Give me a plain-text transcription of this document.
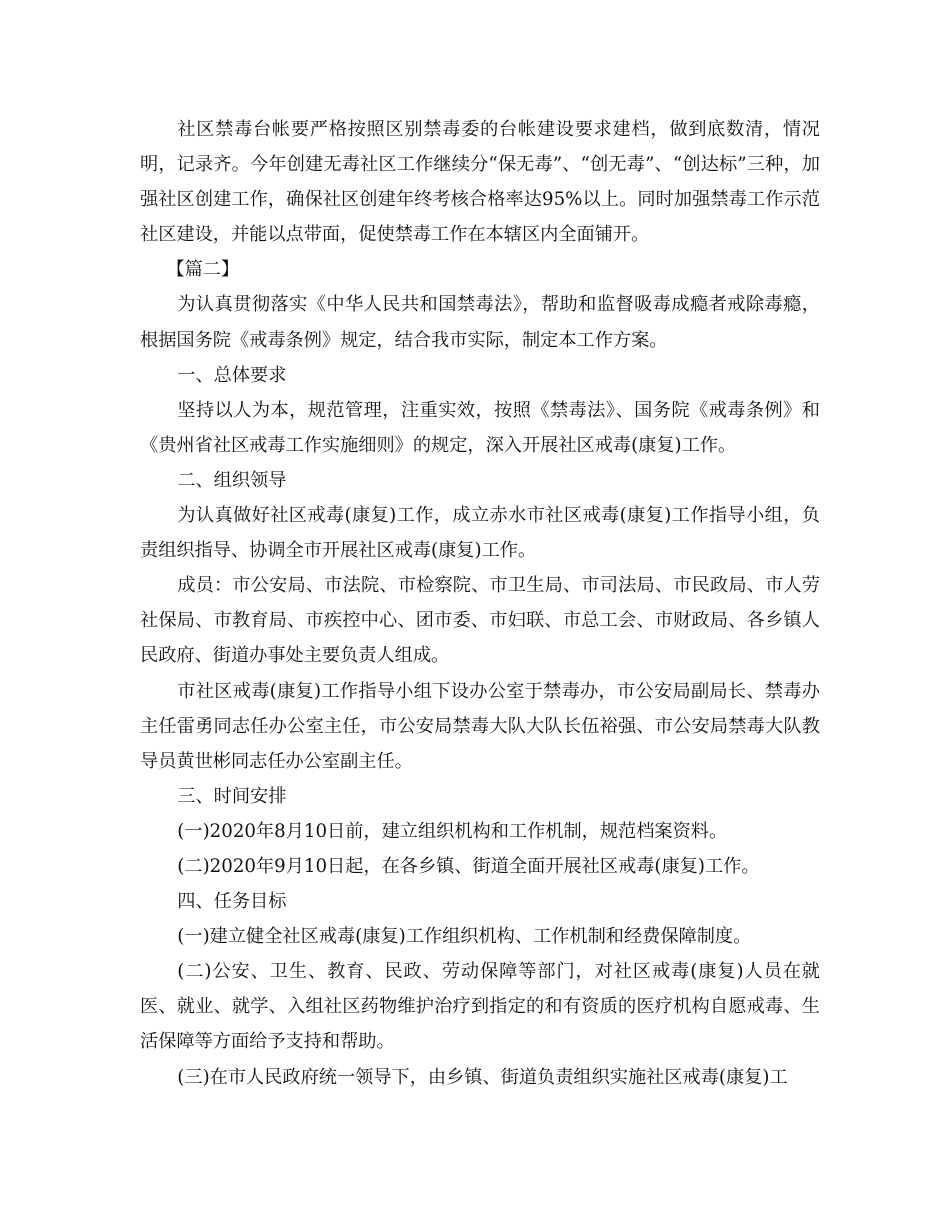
社区禁毒台帐要严格按照区别禁毒委的台帐建设要求建档，做到底数清，情况明，记录齐。今年创建无毒社区工作继续分“保无毒”、“创无毒”、“创达标”三种，加强社区创建工作，确保社区创建年终考核合格率达95%以上。同时加强禁毒工作示范社区建设，并能以点带面，促使禁毒工作在本辖区内全面铺开。

【篇二】

为认真贯彻落实《中华人民共和国禁毒法》，帮助和监督吸毒成瘾者戒除毒瘾，根据国务院《戒毒条例》规定，结合我市实际，制定本工作方案。

一、总体要求

坚持以人为本，规范管理，注重实效，按照《禁毒法》、国务院《戒毒条例》和《贵州省社区戒毒工作实施细则》的规定，深入开展社区戒毒(康复)工作。

二、组织领导

为认真做好社区戒毒(康复)工作，成立赤水市社区戒毒(康复)工作指导小组，负责组织指导、协调全市开展社区戒毒(康复)工作。

成员：市公安局、市法院、市检察院、市卫生局、市司法局、市民政局、市人劳社保局、市教育局、市疾控中心、团市委、市妇联、市总工会、市财政局、各乡镇人民政府、街道办事处主要负责人组成。

市社区戒毒(康复)工作指导小组下设办公室于禁毒办，市公安局副局长、禁毒办主任雷勇同志任办公室主任，市公安局禁毒大队大队长伍裕强、市公安局禁毒大队教导员黄世彬同志任办公室副主任。

三、时间安排

(一)2020年8月10日前，建立组织机构和工作机制，规范档案资料。

(二)2020年9月10日起，在各乡镇、街道全面开展社区戒毒(康复)工作。

四、任务目标

(一)建立健全社区戒毒(康复)工作组织机构、工作机制和经费保障制度。

(二)公安、卫生、教育、民政、劳动保障等部门，对社区戒毒(康复)人员在就医、就业、就学、入组社区药物维护治疗到指定的和有资质的医疗机构自愿戒毒、生活保障等方面给予支持和帮助。

(三)在市人民政府统一领导下，由乡镇、街道负责组织实施社区戒毒(康复)工
